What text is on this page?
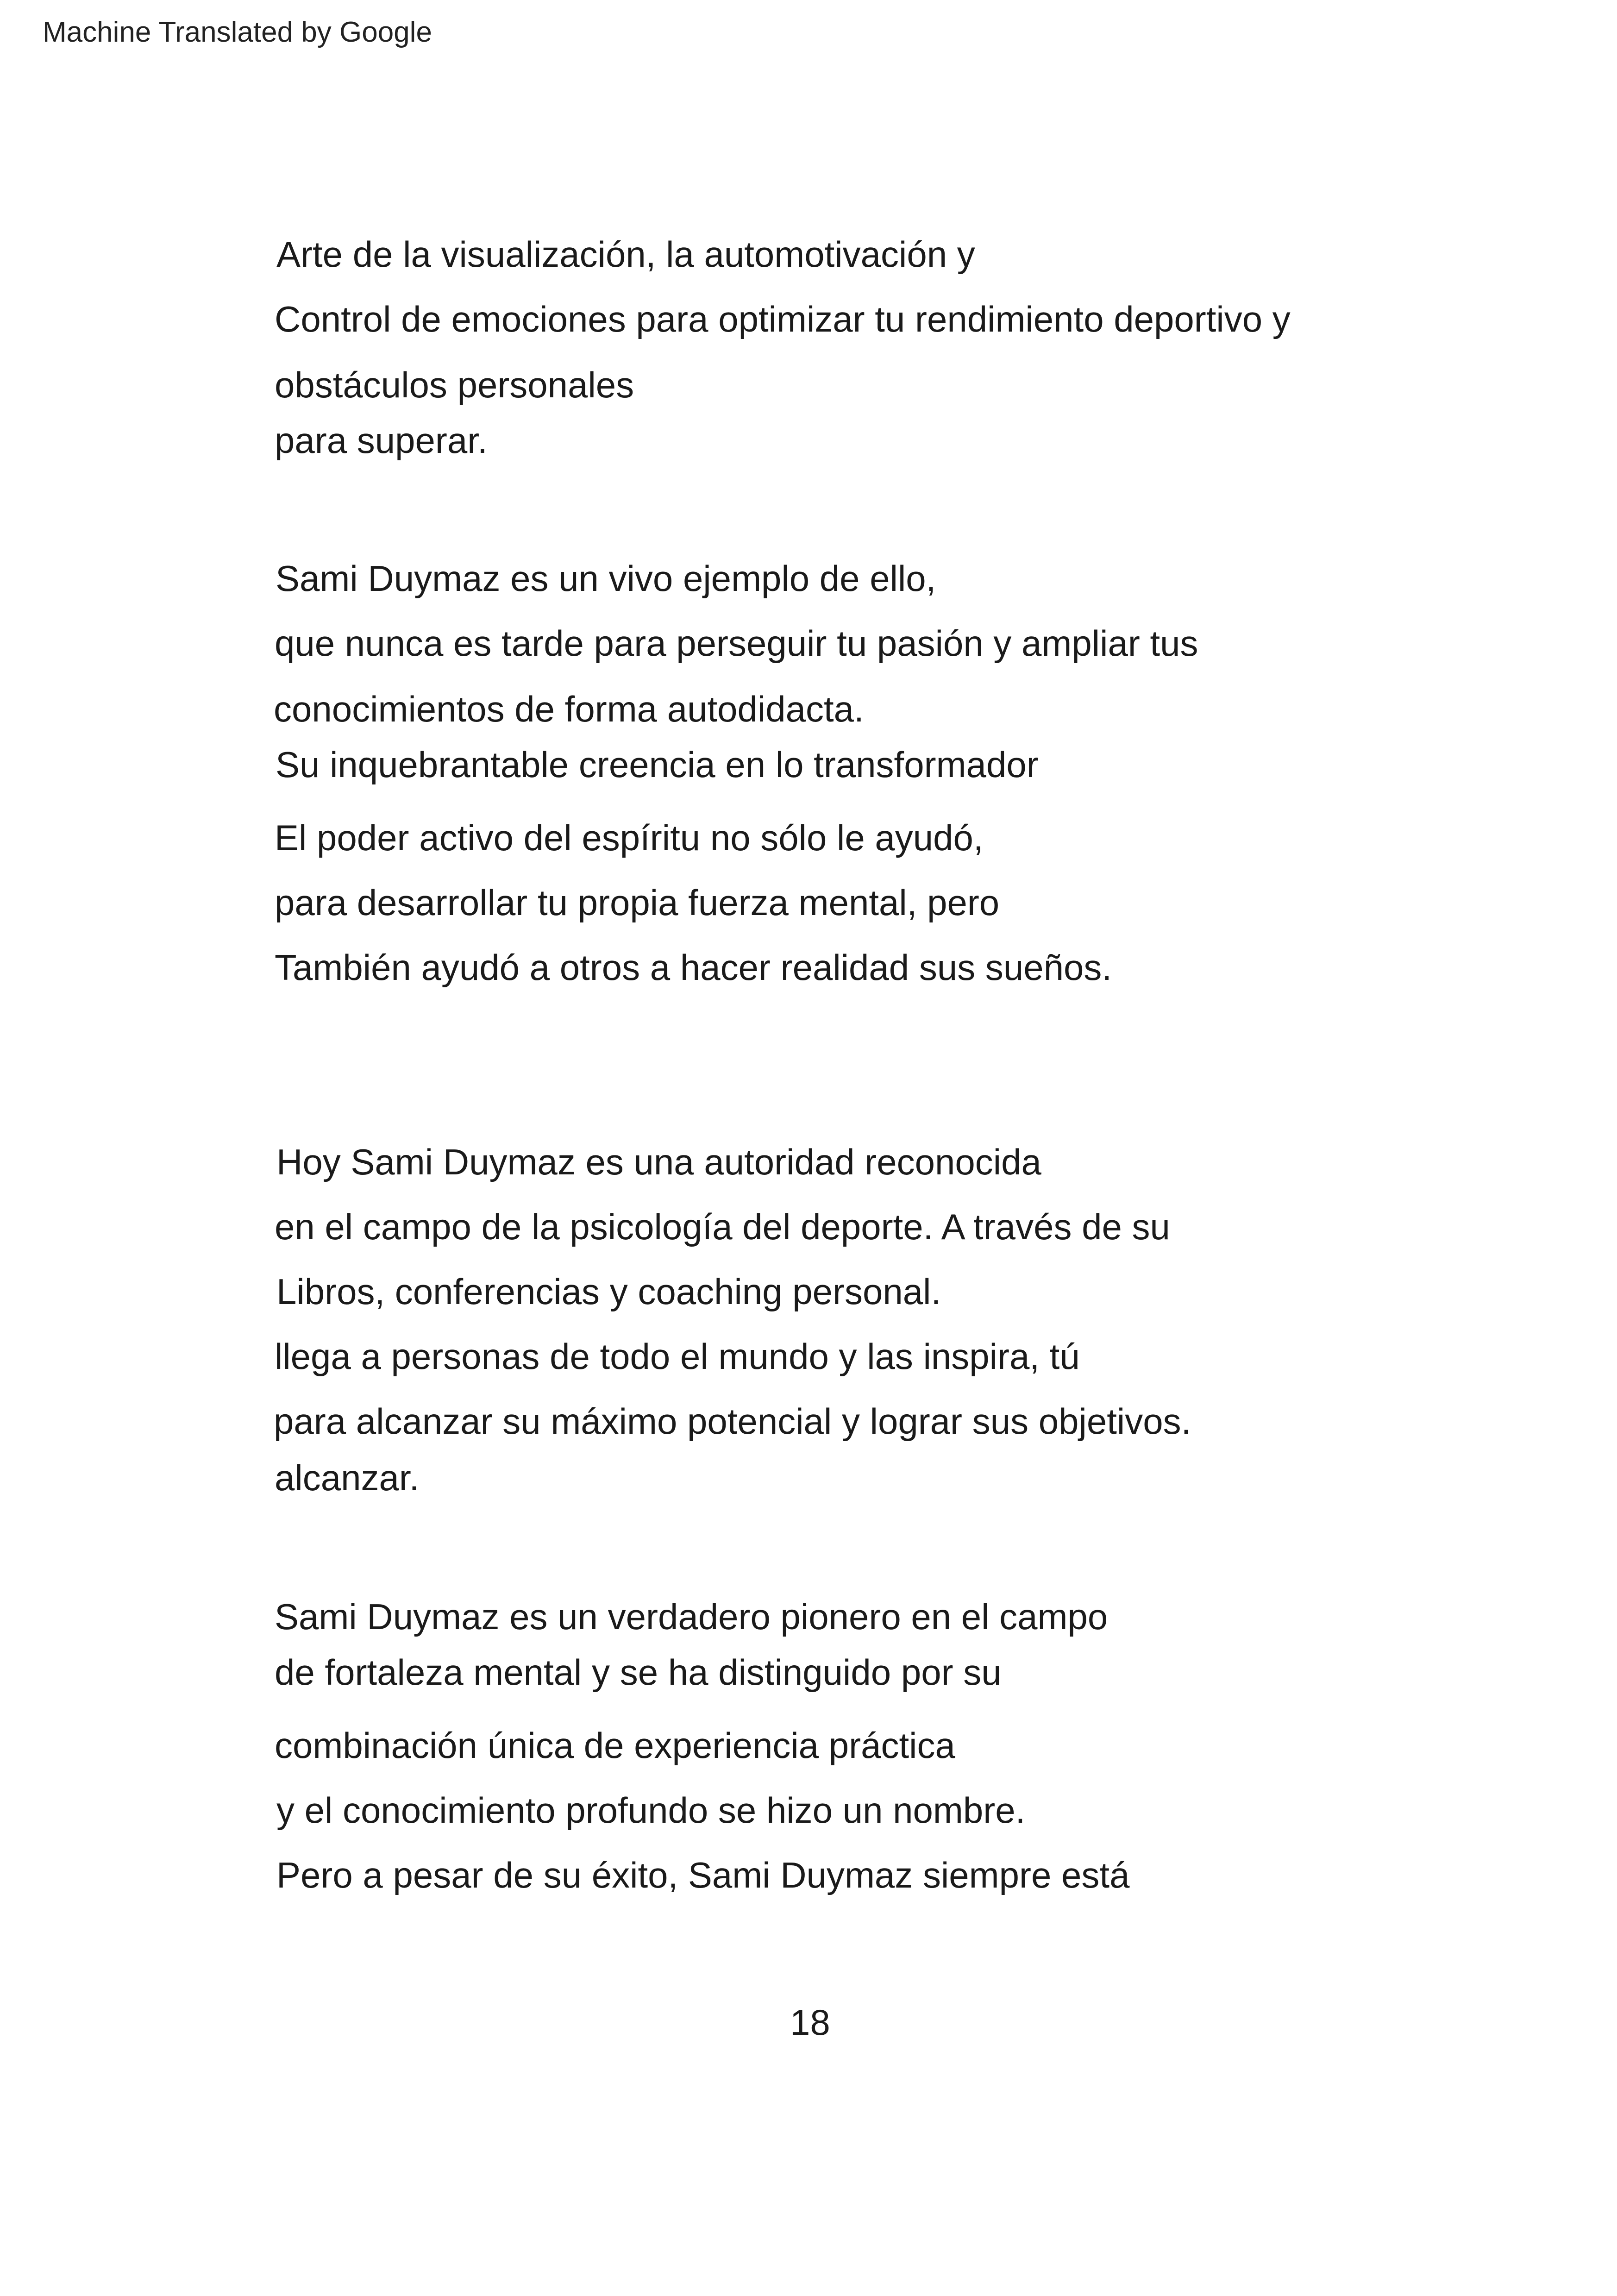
Machine Translated by Google
Arte de la visualización, la automotivación y
Control de emociones para optimizar tu rendimiento deportivo y
obstáculos personales
para superar.
Sami Duymaz es un vivo ejemplo de ello,
que nunca es tarde para perseguir tu pasión y ampliar tus
conocimientos de forma autodidacta.
Su inquebrantable creencia en lo transformador
El poder activo del espíritu no sólo le ayudó,
para desarrollar tu propia fuerza mental, pero
También ayudó a otros a hacer realidad sus sueños.
Hoy Sami Duymaz es una autoridad reconocida
en el campo de la psicología del deporte. A través de su
Libros, conferencias y coaching personal.
llega a personas de todo el mundo y las inspira, tú
para alcanzar su máximo potencial y lograr sus objetivos.
alcanzar.
Sami Duymaz es un verdadero pionero en el campo
de fortaleza mental y se ha distinguido por su
combinación única de experiencia práctica
y el conocimiento profundo se hizo un nombre.
Pero a pesar de su éxito, Sami Duymaz siempre está
18
